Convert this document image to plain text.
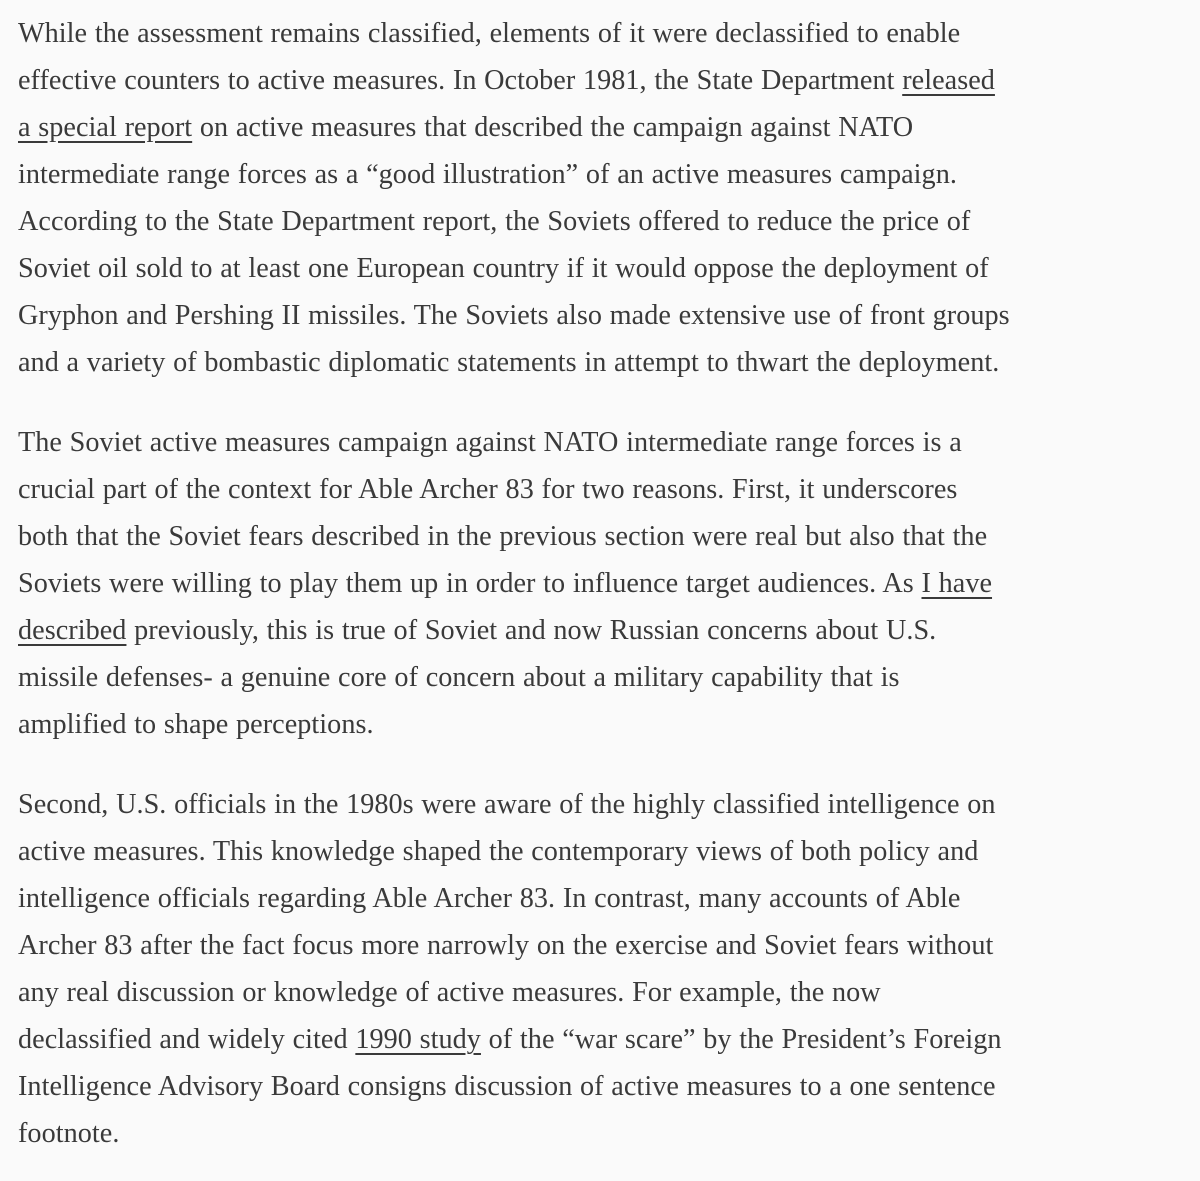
While the assessment remains classified, elements of it were declassified to enable
effective counters to active measures. In October 1981, the State Department released
a special report on active measures that described the campaign against NATO
intermediate range forces as a “good illustration” of an active measures campaign.
According to the State Department report, the Soviets offered to reduce the price of
Soviet oil sold to at least one European country if it would oppose the deployment of
Gryphon and Pershing II missiles. The Soviets also made extensive use of front groups
and a variety of bombastic diplomatic statements in attempt to thwart the deployment.

The Soviet active measures campaign against NATO intermediate range forces is a
crucial part of the context for Able Archer 83 for two reasons. First, it underscores
both that the Soviet fears described in the previous section were real but also that the
Soviets were willing to play them up in order to influence target audiences. As I have
described previously, this is true of Soviet and now Russian concerns about U.S.
missile defenses- a genuine core of concern about a military capability that is
amplified to shape perceptions.

Second, U.S. officials in the 1980s were aware of the highly classified intelligence on
active measures. This knowledge shaped the contemporary views of both policy and
intelligence officials regarding Able Archer 83. In contrast, many accounts of Able
Archer 83 after the fact focus more narrowly on the exercise and Soviet fears without
any real discussion or knowledge of active measures. For example, the now
declassified and widely cited 1990 study of the “war scare” by the President’s Foreign
Intelligence Advisory Board consigns discussion of active measures to a one sentence
footnote.
